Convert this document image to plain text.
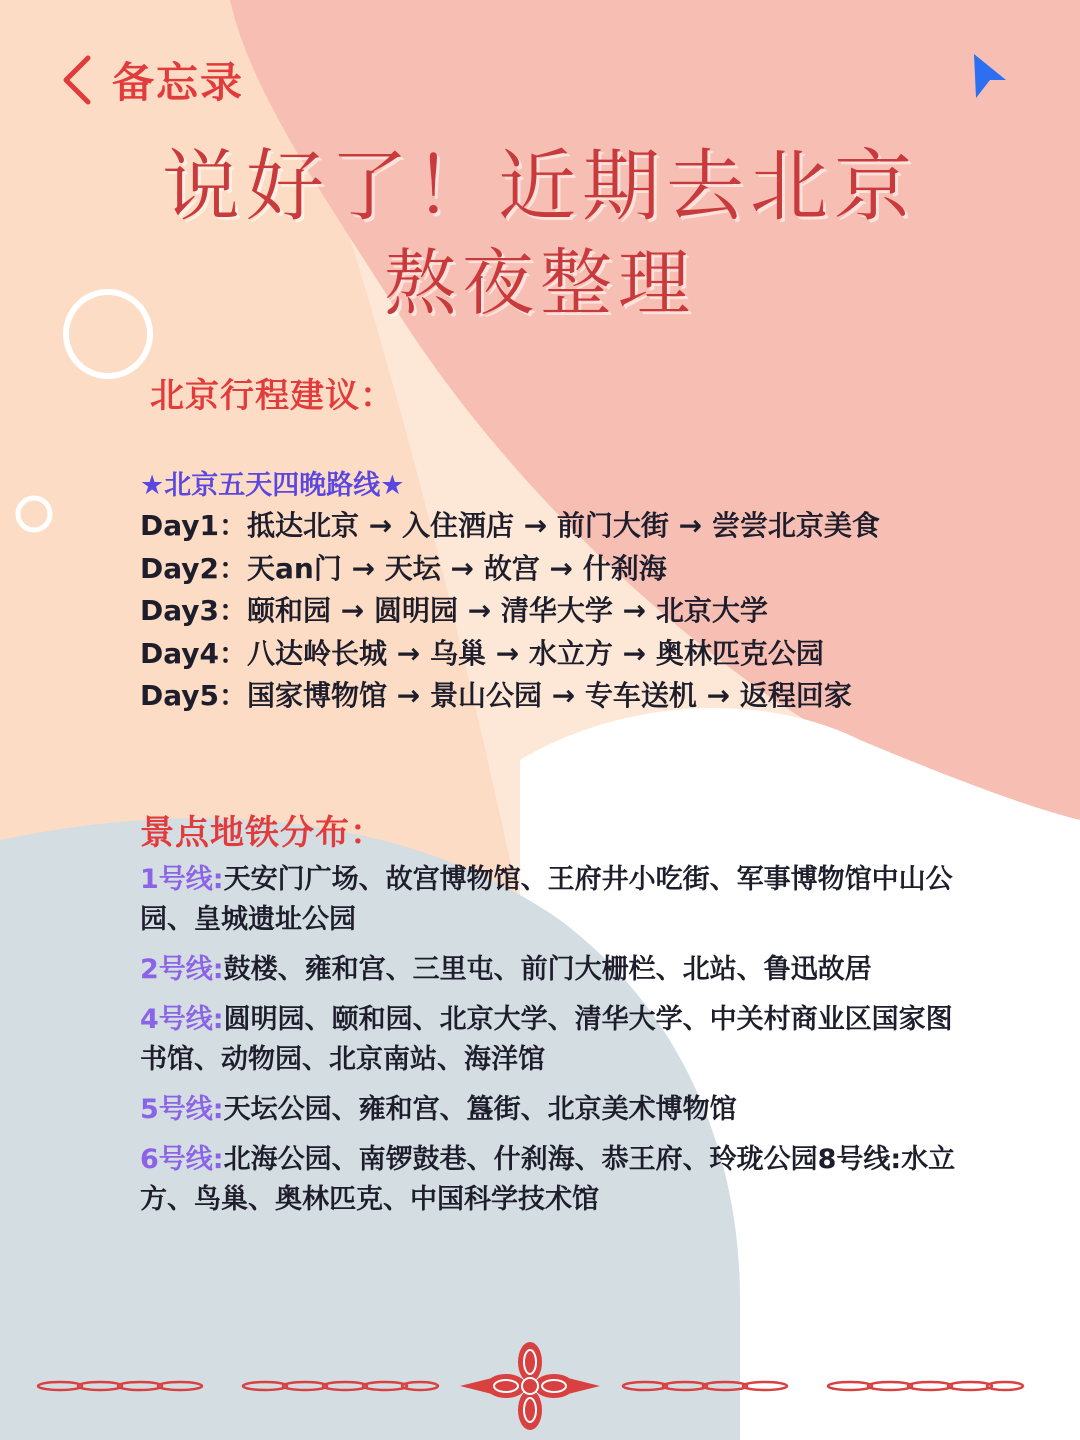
备忘录
说好了！近期去北京
熬夜整理
北京行程建议：
★北京五天四晚路线★
Day1：抵达北京 → 入住酒店 → 前门大街 → 尝尝北京美食
Day2：天an门 → 天坛 → 故宫 → 什刹海
Day3：颐和园 → 圆明园 → 清华大学 → 北京大学
Day4：八达岭长城 → 乌巢 → 水立方 → 奥林匹克公园
Day5：国家博物馆 → 景山公园 → 专车送机 → 返程回家
景点地铁分布：
1号线:天安门广场、故宫博物馆、王府井小吃街、军事博物馆中山公园、皇城遗址公园
2号线:鼓楼、雍和宫、三里屯、前门大栅栏、北站、鲁迅故居
4号线:圆明园、颐和园、北京大学、清华大学、中关村商业区国家图书馆、动物园、北京南站、海洋馆
5号线:天坛公园、雍和宫、簋街、北京美术博物馆
6号线:北海公园、南锣鼓巷、什刹海、恭王府、玲珑公园8号线:水立方、鸟巢、奥林匹克、中国科学技术馆
